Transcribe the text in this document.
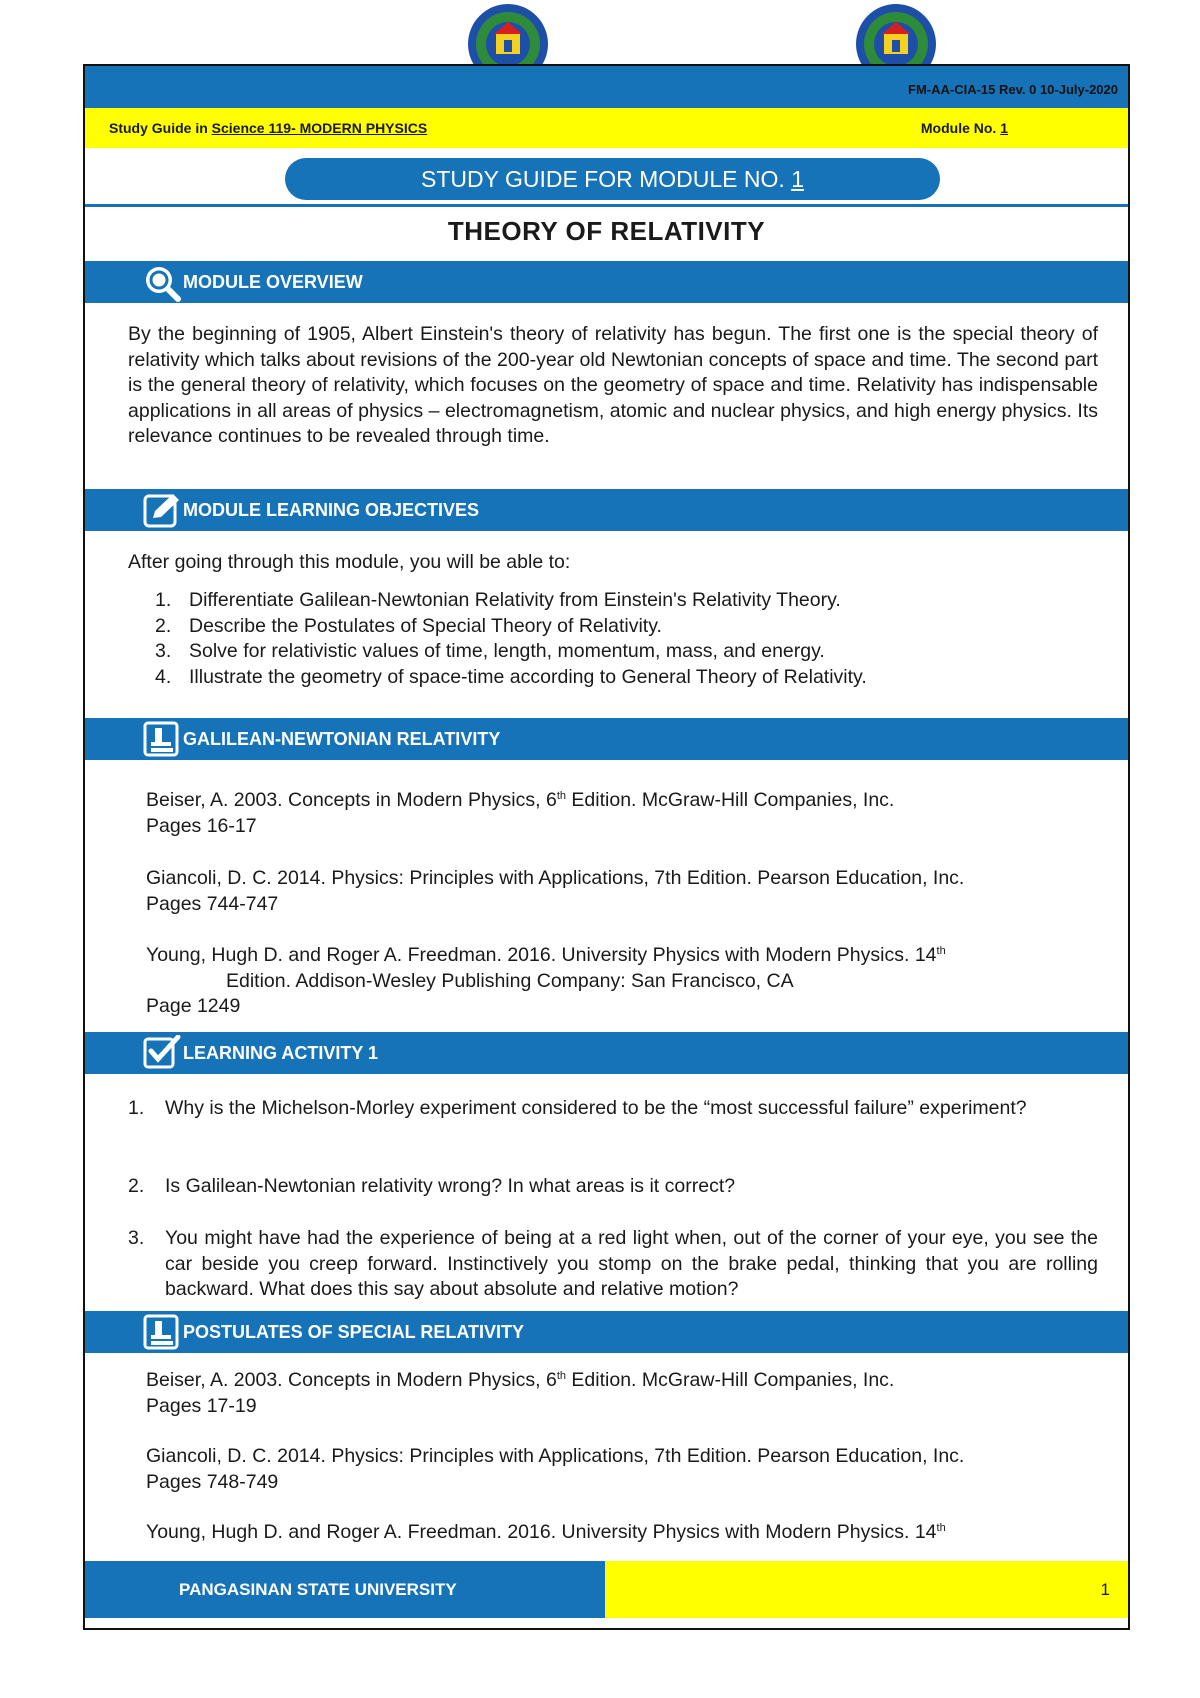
FM-AA-CIA-15 Rev. 0 10-July-2020
Study Guide in Science 119- MODERN PHYSICS	Module No. 1
STUDY GUIDE FOR MODULE NO. 1
THEORY OF RELATIVITY
MODULE OVERVIEW
By the beginning of 1905, Albert Einstein's theory of relativity has begun. The first one is the special theory of relativity which talks about revisions of the 200-year old Newtonian concepts of space and time. The second part is the general theory of relativity, which focuses on the geometry of space and time. Relativity has indispensable applications in all areas of physics – electromagnetism, atomic and nuclear physics, and high energy physics. Its relevance continues to be revealed through time.
MODULE LEARNING OBJECTIVES
After going through this module, you will be able to:
1. Differentiate Galilean-Newtonian Relativity from Einstein's Relativity Theory.
2. Describe the Postulates of Special Theory of Relativity.
3. Solve for relativistic values of time, length, momentum, mass, and energy.
4. Illustrate the geometry of space-time according to General Theory of Relativity.
GALILEAN-NEWTONIAN RELATIVITY
Beiser, A. 2003. Concepts in Modern Physics, 6th Edition. McGraw-Hill Companies, Inc.
Pages 16-17
Giancoli, D. C. 2014. Physics: Principles with Applications, 7th Edition. Pearson Education, Inc.
Pages 744-747
Young, Hugh D. and Roger A. Freedman. 2016. University Physics with Modern Physics. 14th
Edition. Addison-Wesley Publishing Company: San Francisco, CA
Page 1249
LEARNING ACTIVITY 1
1. Why is the Michelson-Morley experiment considered to be the “most successful failure” experiment?
2. Is Galilean-Newtonian relativity wrong? In what areas is it correct?
3. You might have had the experience of being at a red light when, out of the corner of your eye, you see the car beside you creep forward. Instinctively you stomp on the brake pedal, thinking that you are rolling backward. What does this say about absolute and relative motion?
POSTULATES OF SPECIAL RELATIVITY
Beiser, A. 2003. Concepts in Modern Physics, 6th Edition. McGraw-Hill Companies, Inc.
Pages 17-19
Giancoli, D. C. 2014. Physics: Principles with Applications, 7th Edition. Pearson Education, Inc.
Pages 748-749
Young, Hugh D. and Roger A. Freedman. 2016. University Physics with Modern Physics. 14th
PANGASINAN STATE UNIVERSITY	1
